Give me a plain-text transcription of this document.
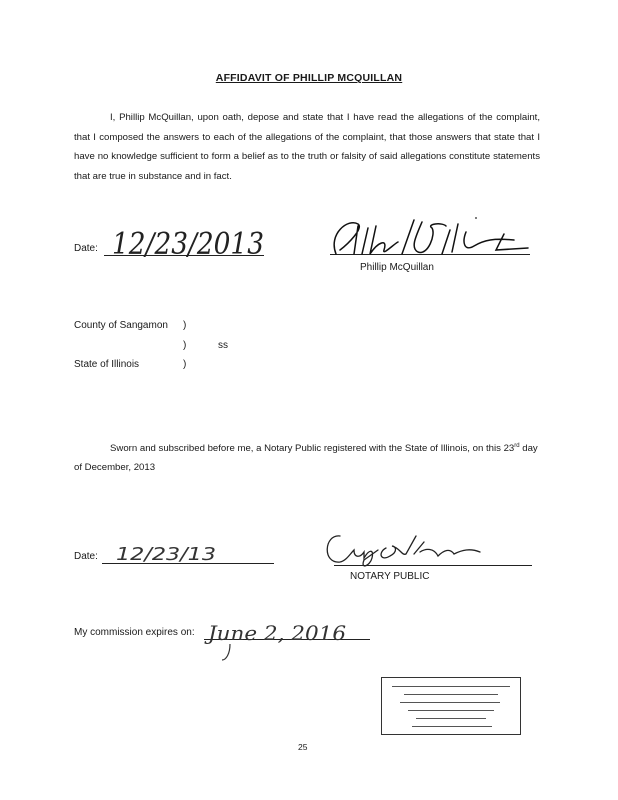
AFFIDAVIT OF PHILLIP MCQUILLAN
I, Phillip McQuillan, upon oath, depose and state that I have read the allegations of the complaint, that I composed the answers to each of the allegations of the complaint, that those answers that state that I have no knowledge sufficient to form a belief as to the truth or falsity of said allegations constitute statements that are true in substance and in fact.
Date: 12/23/2013
Phillip McQuillan
County of Sangamon )
)	ss
State of Illinois	)
Sworn and subscribed before me, a Notary Public registered with the State of Illinois, on this 23rd day of December, 2013
Date: 12/23/13
NOTARY PUBLIC
My commission expires on: June 2, 2016
25
